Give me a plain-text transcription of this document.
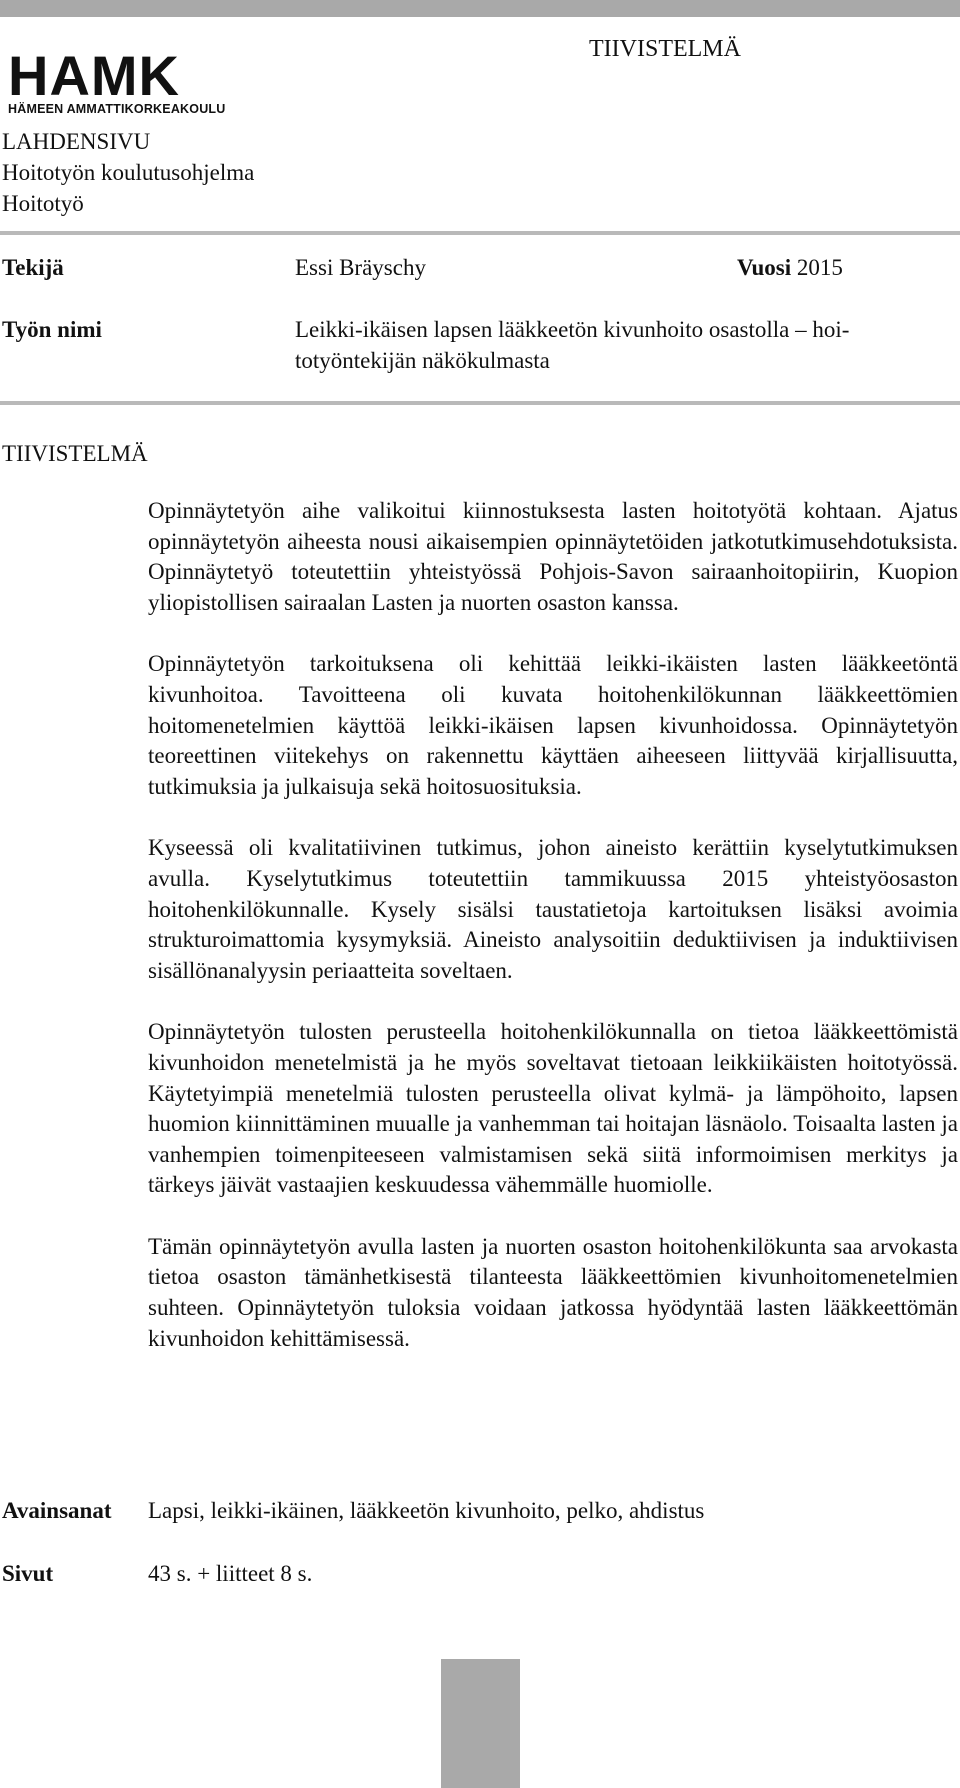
HAMK
HÄMEEN AMMATTIKORKEAKOULU
TIIVISTELMÄ
LAHDENSIVU
Hoitotyön koulutusohjelma
Hoitotyö
Tekijä	Essi Bräyschy	Vuosi 2015
Työn nimi	Leikki-ikäisen lapsen lääkkeetön kivunhoito osastolla – hoi-
totyöntekijän näkökulmasta
TIIVISTELMÄ

Opinnäytetyön aihe valikoitui kiinnostuksesta lasten hoitotyötä kohtaan. Ajatus opinnäytetyön aiheesta nousi aikaisempien opinnäytetöiden jatkotutkimusehdotuksista. Opinnäytetyö toteutettiin yhteistyössä Pohjois-Savon sairaanhoitopiirin, Kuopion yliopistollisen sairaalan Lasten ja nuorten osaston kanssa.

Opinnäytetyön tarkoituksena oli kehittää leikki-ikäisten lasten lääkkeetöntä kivunhoitoa. Tavoitteena oli kuvata hoitohenkilökunnan lääkkeettömien hoitomenetelmien käyttöä leikki-ikäisen lapsen kivunhoidossa. Opinnäytetyön teoreettinen viitekehys on rakennettu käyttäen aiheeseen liittyvää kirjallisuutta, tutkimuksia ja julkaisuja sekä hoitosuosituksia.

Kyseessä oli kvalitatiivinen tutkimus, johon aineisto kerättiin kyselytutkimuksen avulla. Kyselytutkimus toteutettiin tammikuussa 2015 yhteistyöosaston hoitohenkilökunnalle. Kysely sisälsi taustatietoja kartoituksen lisäksi avoimia strukturoimattomia kysymyksiä. Aineisto analysoitiin deduktiivisen ja induktiivisen sisällönanalyysin periaatteita soveltaen.

Opinnäytetyön tulosten perusteella hoitohenkilökunnalla on tietoa lääkkeettömistä kivunhoidon menetelmistä ja he myös soveltavat tietoaan leikkiikäisten hoitotyössä. Käytetyimpiä menetelmiä tulosten perusteella olivat kylmä- ja lämpöhoito, lapsen huomion kiinnittäminen muualle ja vanhemman tai hoitajan läsnäolo. Toisaalta lasten ja vanhempien toimenpiteeseen valmistamisen sekä siitä informoimisen merkitys ja tärkeys jäivät vastaajien keskuudessa vähemmälle huomiolle.

Tämän opinnäytetyön avulla lasten ja nuorten osaston hoitohenkilökunta saa arvokasta tietoa osaston tämänhetkisestä tilanteesta lääkkeettömien kivunhoitomenetelmien suhteen. Opinnäytetyön tuloksia voidaan jatkossa hyödyntää lasten lääkkeettömän kivunhoidon kehittämisessä.

Avainsanat Lapsi, leikki-ikäinen, lääkkeetön kivunhoito, pelko, ahdistus
Sivut	43 s. + liitteet 8 s.
